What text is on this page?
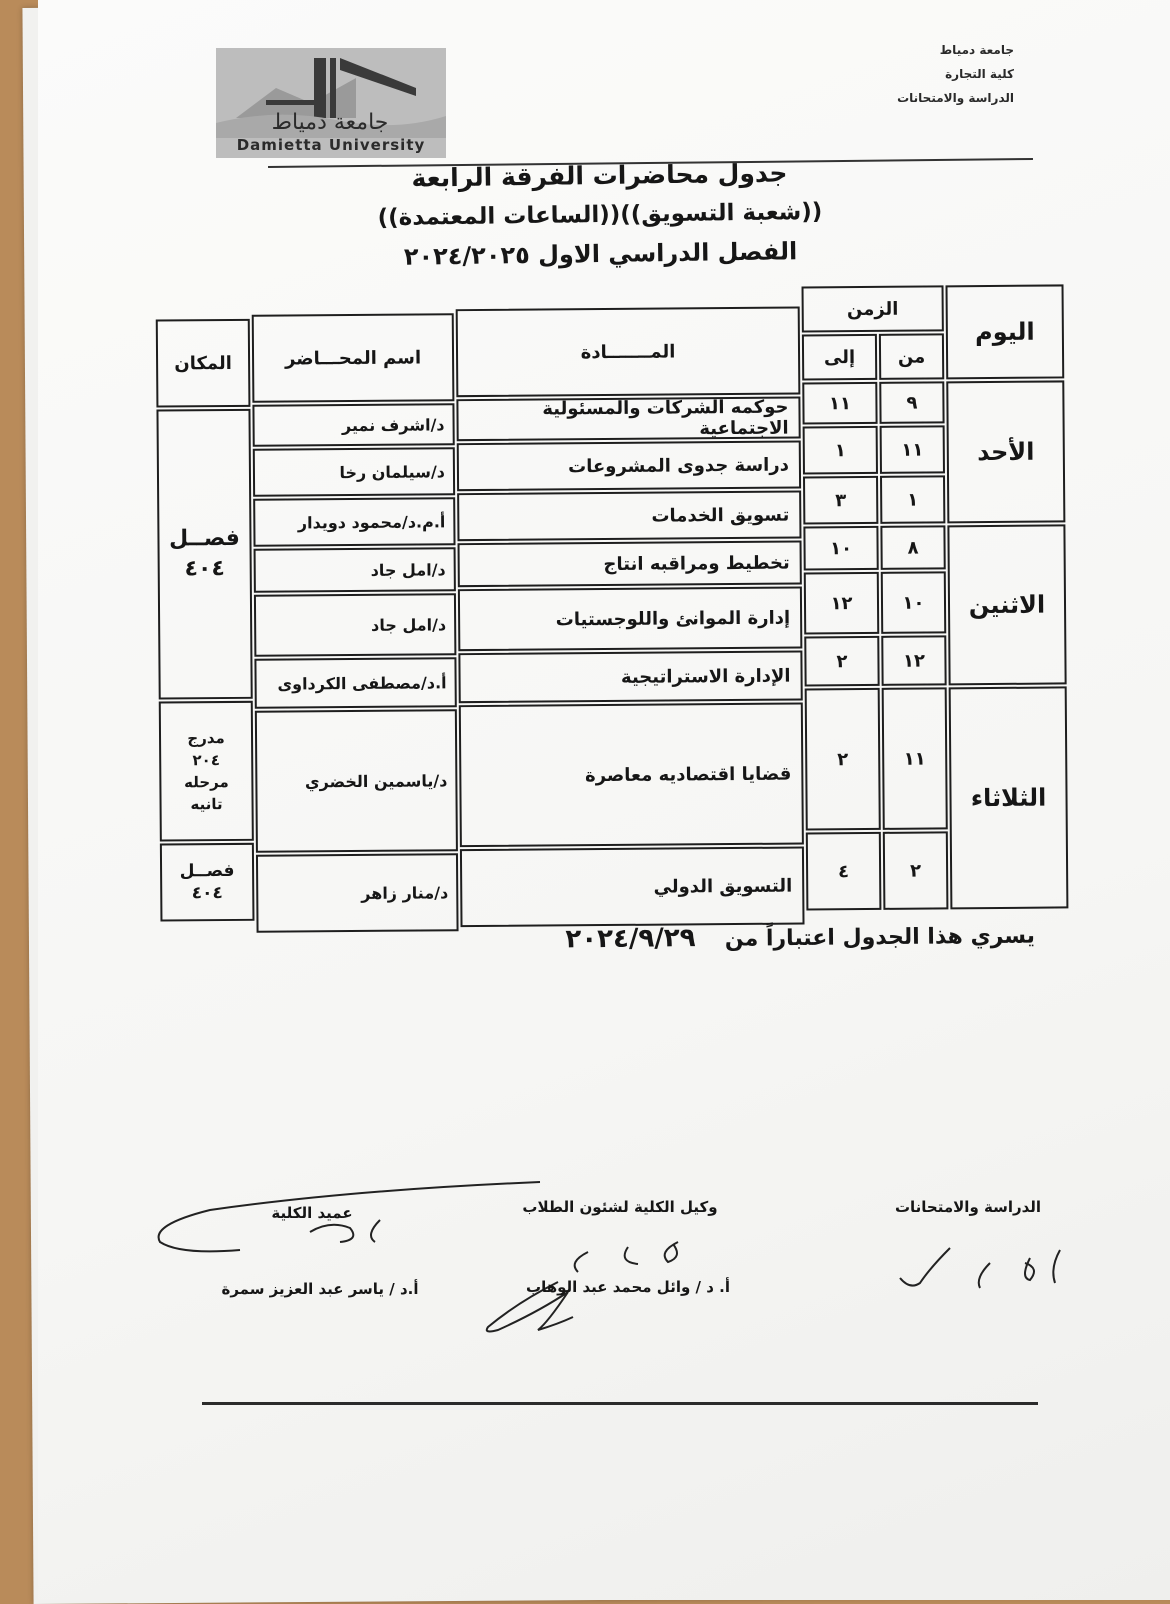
جامعة دمياط
Damietta University
جامعة دمياط
كلية التجارة
الدراسة والامتحانات
جدول محاضرات الفرقة الرابعة
((شعبة التسويق))((الساعات المعتمدة))
الفصل الدراسي الاول ٢٠٢٤/٢٠٢٥
اليوم
الزمن
من
إلى
المـــــــادة
اسم المحـــاضر
المكان
الأحد
الاثنين
الثلاثاء
٩
١١
حوكمه الشركات والمسئولية الاجتماعية
د/اشرف نمير
١١
١
دراسة جدوى المشروعات
د/سيلمان رخا
١
٣
تسويق الخدمات
أ.م.د/محمود دويدار
٨
١٠
تخطيط ومراقبه انتاج
د/امل جاد
١٠
١٢
إدارة الموانئ واللوجستيات
د/امل جاد
١٢
٢
الإدارة الاستراتيجية
أ.د/مصطفى الكرداوى
١١
٢
قضايا اقتصاديه معاصرة
د/ياسمين الخضري
٢
٤
التسويق الدولي
د/منار زاهر
فصــل
٤٠٤
مدرج
٢٠٤
مرحله
تانيه
فصــل
٤٠٤
يسري هذا الجدول اعتباراً من  ٢٠٢٤/٩/٢٩
الدراسة والامتحانات
وكيل الكلية لشئون الطلاب
أ. د / وائل محمد عبد الوهاب
عميد الكلية
أ.د / ياسر عبد العزيز سمرة
